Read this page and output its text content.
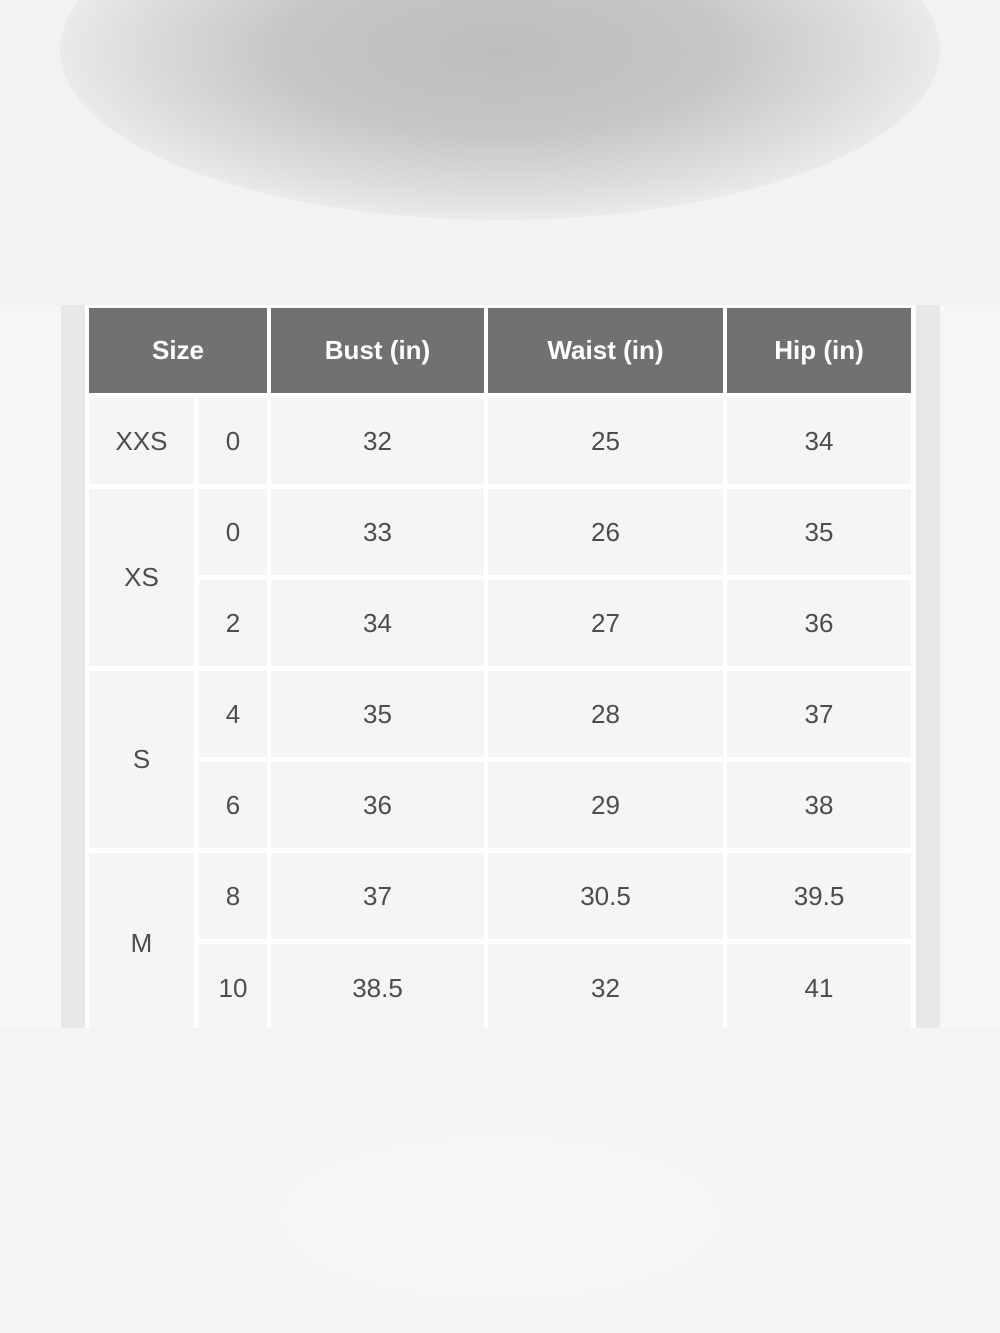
Size	Bust (in)	Waist (in)	Hip (in)
XXS	0	32	25	34
XS
0	33	26	35
2	34	27	36
S
4	35	28	37
6	36	29	38
M
8	37	30.5	39.5
10	38.5	32	41
